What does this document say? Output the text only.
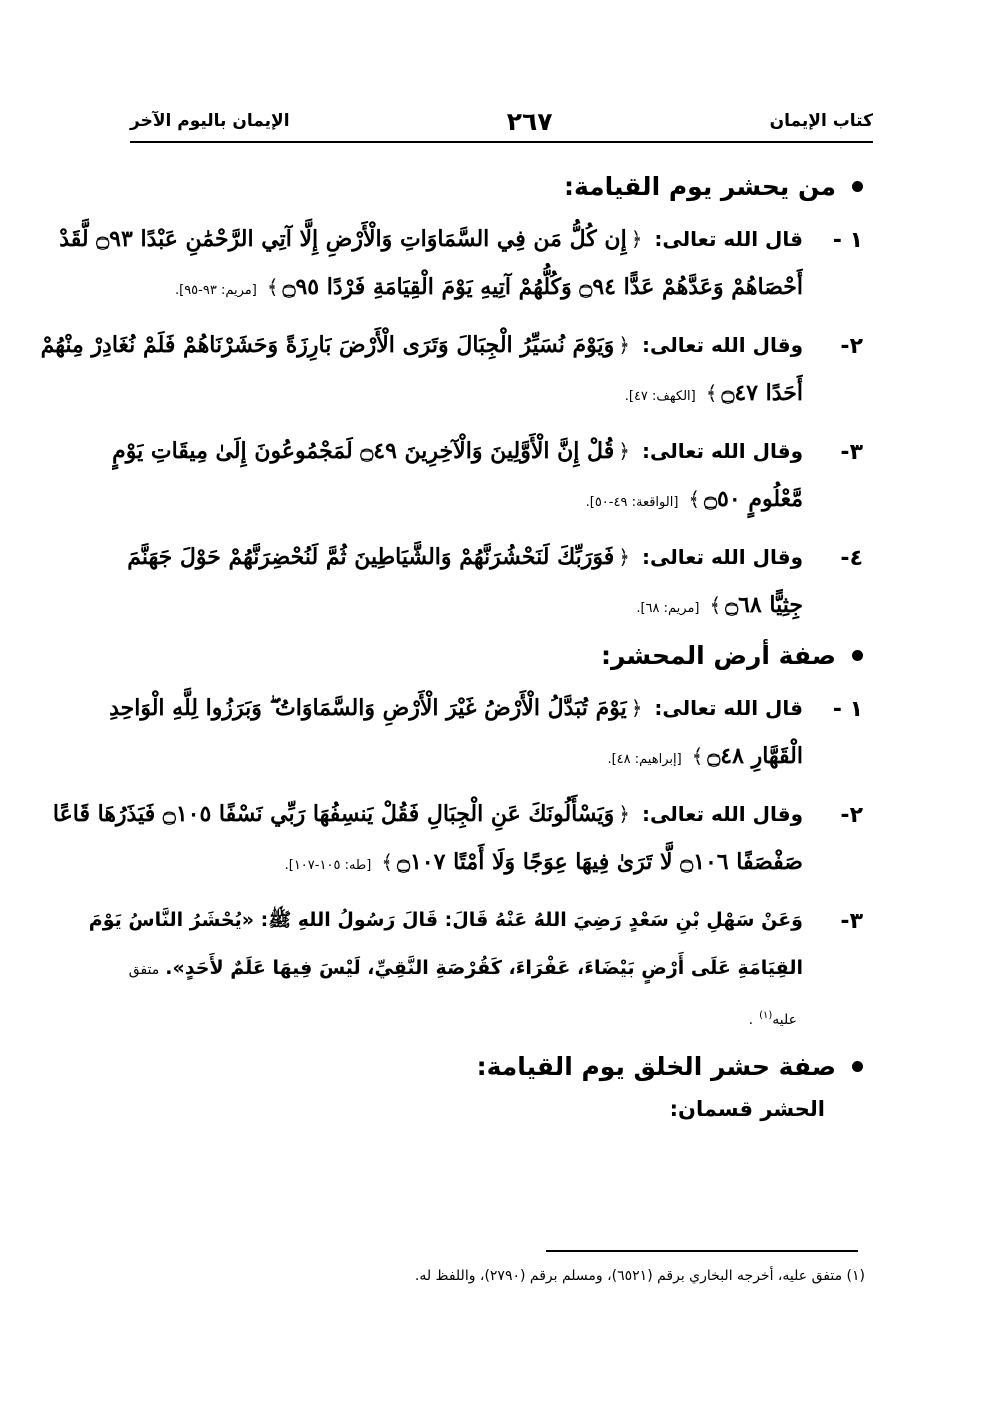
كتاب الإيمان
٢٦٧
الإيمان باليوم الآخر
من يحشر يوم القيامة:
١ -
قال الله تعالى:﴿إِن كُلُّ مَن فِي السَّمَاوَاتِ وَالْأَرْضِ إِلَّا آتِي الرَّحْمَٰنِ عَبْدًا ۝٩٣ لَّقَدْ
أَحْصَاهُمْ وَعَدَّهُمْ عَدًّا ۝٩٤ وَكُلُّهُمْ آتِيهِ يَوْمَ الْقِيَامَةِ فَرْدًا ۝٩٥﴾[مريم: ٩٣-٩٥].
٢-
وقال الله تعالى:﴿وَيَوْمَ نُسَيِّرُ الْجِبَالَ وَتَرَى الْأَرْضَ بَارِزَةً وَحَشَرْنَاهُمْ فَلَمْ نُغَادِرْ مِنْهُمْ
أَحَدًا ۝٤٧﴾[الكهف: ٤٧].
٣-
وقال الله تعالى:﴿قُلْ إِنَّ الْأَوَّلِينَ وَالْآخِرِينَ ۝٤٩ لَمَجْمُوعُونَ إِلَىٰ مِيقَاتِ يَوْمٍ
مَّعْلُومٍ ۝٥٠﴾[الواقعة: ٤٩-٥٠].
٤-
وقال الله تعالى:﴿فَوَرَبِّكَ لَنَحْشُرَنَّهُمْ وَالشَّيَاطِينَ ثُمَّ لَنُحْضِرَنَّهُمْ حَوْلَ جَهَنَّمَ
جِثِيًّا ۝٦٨﴾[مريم: ٦٨].
صفة أرض المحشر:
١ -
قال الله تعالى:﴿يَوْمَ تُبَدَّلُ الْأَرْضُ غَيْرَ الْأَرْضِ وَالسَّمَاوَاتُ ۖ وَبَرَزُوا لِلَّهِ الْوَاحِدِ
الْقَهَّارِ ۝٤٨﴾[إبراهيم: ٤٨].
٢-
وقال الله تعالى:﴿وَيَسْأَلُونَكَ عَنِ الْجِبَالِ فَقُلْ يَنسِفُهَا رَبِّي نَسْفًا ۝١٠٥ فَيَذَرُهَا قَاعًا
صَفْصَفًا ۝١٠٦ لَّا تَرَىٰ فِيهَا عِوَجًا وَلَا أَمْتًا ۝١٠٧﴾[طه: ١٠٥-١٠٧].
٣-
وَعَنْ سَهْلِ بْنِ سَعْدٍ رَضِيَ اللهُ عَنْهُ قَالَ: قَالَ رَسُولُ اللهِ ﷺ: «يُحْشَرُ النَّاسُ يَوْمَ
القِيَامَةِ عَلَى أَرْضٍ بَيْضَاءَ، عَفْرَاءَ، كَقُرْصَةِ النَّقِيِّ، لَيْسَ فِيهَا عَلَمٌ لأَحَدٍ».متفق
عليه$^{(١)}$.
صفة حشر الخلق يوم القيامة:
الحشر قسمان:
(١) متفق عليه، أخرجه البخاري برقم (٦٥٢١)، ومسلم برقم (٢٧٩٠)، واللفظ له.
